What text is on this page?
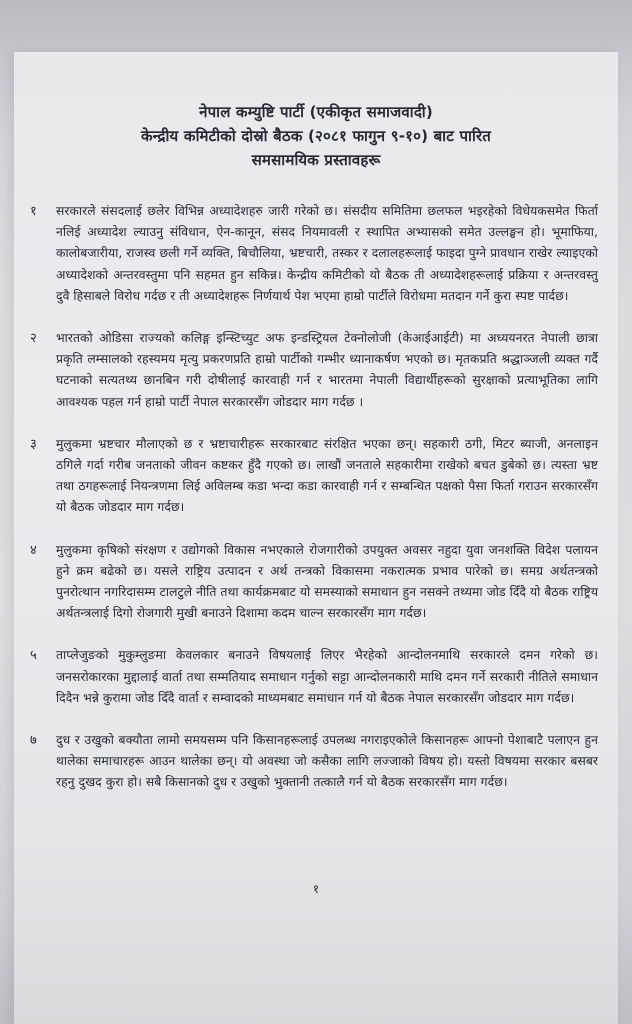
नेपाल कम्युष्टि पार्टी (एकीकृत समाजवादी)
केन्द्रीय कमिटीको दोस्रो बैठक (२०८१ फागुन ९-१०) बाट पारित
समसामयिक प्रस्तावहरू
१	सरकारले संसदलाई छलेर विभिन्न अध्यादेशहरु जारी गरेको छ। संसदीय समितिमा छलफल भइरहेको विधेयकसमेत फिर्ता नलिई अध्यादेश ल्याउनु संविधान, ऐन-कानून, संसद नियमावली र स्थापित अभ्यासको समेत उल्लङ्घन हो। भूमाफिया, कालोबजारीया, राजस्व छली गर्ने व्यक्ति, बिचौलिया, भ्रष्टचारी, तस्कर र दलालहरूलाई फाइदा पुग्ने प्रावधान राखेर ल्याइएको अध्यादेशको अन्तरवस्तुमा पनि सहमत हुन सकिन्न। केन्द्रीय कमिटीको यो बैठक ती अध्यादेशहरूलाई प्रक्रिया र अन्तरवस्तु दुवै हिसाबले विरोध गर्दछ र ती अध्यादेशहरू निर्णयार्थ पेश भएमा हाम्रो पार्टीले विरोधमा मतदान गर्ने कुरा स्पष्ट पार्दछ।
२	भारतको ओडिसा राज्यको कलिङ्ग इन्स्टिच्युट अफ इन्डस्ट्रियल टेक्नोलोजी (केआईआईटी) मा अध्ययनरत नेपाली छात्रा प्रकृति लम्सालको रहस्यमय मृत्यु प्रकरणप्रति हाम्रो पार्टीको गम्भीर ध्यानाकर्षण भएको छ। मृतकप्रति श्रद्धाञ्जली व्यक्त गर्दै घटनाको सत्यतथ्य छानबिन गरी दोषीलाई कारवाही गर्न र भारतमा नेपाली विद्यार्थीहरूको सुरक्षाको प्रत्याभूतिका लागि आवश्यक पहल गर्न हाम्रो पार्टी नेपाल सरकारसँग जोडदार माग गर्दछ ।
३	मुलुकमा भ्रष्टचार मौलाएको छ र भ्रष्टाचारीहरू सरकारबाट संरक्षित भएका छन्। सहकारी ठगी, मिटर ब्याजी, अनलाइन ठगिले गर्दा गरीब जनताको जीवन कष्टकर हुँदै गएको छ। लाखौं जनताले सहकारीमा राखेको बचत डुबेको छ। त्यस्ता भ्रष्ट तथा ठगहरूलाई नियन्त्रणमा लिई अविलम्ब कडा भन्दा कडा कारवाही गर्न र सम्बन्धित पक्षको पैसा फिर्ता गराउन सरकारसँग यो बैठक जोडदार माग गर्दछ।
४	मुलुकमा कृषिको संरक्षण र उद्योगको विकास नभएकाले रोजगारीको उपयुक्त अवसर नहुदा युवा जनशक्ति विदेश पलायन हुने क्रम बढेको छ। यसले राष्ट्रिय उत्पादन र अर्थ तन्त्रको विकासमा नकरात्मक प्रभाव पारेको छ। समग्र अर्थतन्त्रको पुनरोत्थान नगरिदासम्म टालटुले नीति तथा कार्यक्रमबाट यो समस्याको समाधान हुन नसक्ने तथ्यमा जोड दिँदै यो बैठक राष्ट्रिय अर्थतन्त्रलाई दिगो रोजगारी मुखी बनाउने दिशामा कदम चाल्न सरकारसँग माग गर्दछ।
५	ताप्लेजुङको मुकुम्लुङमा केवलकार बनाउने विषयलाई लिएर भैरहेको आन्दोलनमाथि सरकारले दमन गरेको छ। जनसरोकारका मुद्दालाई वार्ता तथा सम्मतियाद समाधान गर्नुको सट्टा आन्दोलनकारी माथि दमन गर्ने सरकारी नीतिले समाधान दिदैन भन्ने कुरामा जोड दिँदै वार्ता र सम्वादको माध्यमबाट समाधान गर्न यो बैठक नेपाल सरकारसँग जोडदार माग गर्दछ।
७	दुध र उखुको बक्यौता लामो समयसम्म पनि किसानहरूलाई उपलब्ध नगराइएकोले किसानहरू आफ्नो पेशाबाटै पलाएन हुन थालेका समाचारहरू आउन थालेका छन्। यो अवस्था जो कसैका लागि लज्जाको विषय हो। यस्तो विषयमा सरकार बसबर रहनु दुखद कुरा हो। सबै किसानको दुध र उखुको भुक्तानी तत्कालै गर्न यो बैठक सरकारसँग माग गर्दछ।
१
